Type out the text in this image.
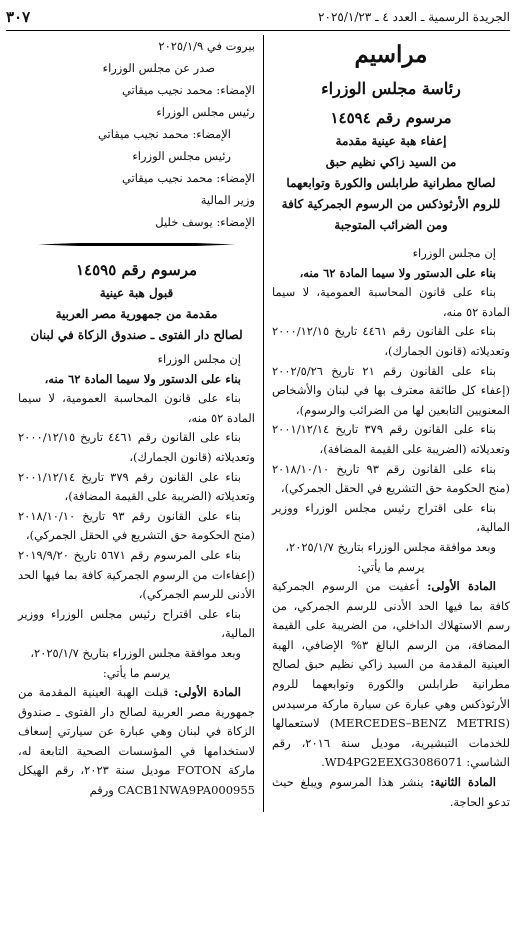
الجريدة الرسمية ـ العدد ٤ ـ ٢٠٢٥/١/٢٣
٣٠٧

مراسيم

رئاسة مجلس الوزراء

مرسوم رقم ١٤٥٩٤

إعفاء هبة عينية مقدمة

من السيد زاكي نظيم حبق

لصالح مطرانية طرابلس والكورة وتوابعهما

للروم الأرثوذكس من الرسوم الجمركية كافة

ومن الضرائب المتوجبة

إن مجلس الوزراء

بناء على الدستور ولا سيما المادة ٦٢ منه،

بناء على قانون المحاسبة العمومية، لا سيما المادة ٥٢ منه،

بناء على القانون رقم ٤٤٦١ تاريخ ٢٠٠٠/١٢/١٥ وتعديلاته (قانون الجمارك)،

بناء على القانون رقم ٢١ تاريخ ٢٠٠٢/٥/٢٦ (إعفاء كل طائفة معترف بها في لبنان والأشخاص المعنويين التابعين لها من الضرائب والرسوم)،

بناء على القانون رقم ٣٧٩ تاريخ ٢٠٠١/١٢/١٤ وتعديلاته (الضريبة على القيمة المضافة)،

بناء على القانون رقم ٩٣ تاريخ ٢٠١٨/١٠/١٠ (منح الحكومة حق التشريع في الحقل الجمركي)،

بناء على اقتراح رئيس مجلس الوزراء ووزير المالية،

وبعد موافقة مجلس الوزراء بتاريخ ٢٠٢٥/١/٧،

يرسم ما يأتي:

المادة الأولى: أعفيت من الرسوم الجمركية كافة بما فيها الحد الأدنى للرسم الجمركي، من رسم الاستهلاك الداخلي، من الضريبة على القيمة المضافة، من الرسم البالغ ٣% الإضافي، الهبة العينية المقدمة من السيد زاكي نظيم حبق لصالح مطرانية طرابلس والكورة وتوابعهما للروم الأرثوذكس وهي عبارة عن سيارة ماركة مرسيدس (MERCEDES–BENZ METRIS) لاستعمالها للخدمات التبشيرية، موديل سنة ٢٠١٦، رقم الشاسي: WD4PG2EEXG3086071.

المادة الثانية: ينشر هذا المرسوم ويبلغ حيث تدعو الحاجة.

بيروت في ٢٠٢٥/١/٩

صدر عن مجلس الوزراء

الإمضاء: محمد نجيب ميقاتي

رئيس مجلس الوزراء

الإمضاء: محمد نجيب ميقاتي

رئيس مجلس الوزراء

الإمضاء: محمد نجيب ميقاتي

وزير المالية

الإمضاء: يوسف خليل

مرسوم رقم ١٤٥٩٥

قبول هبة عينية

مقدمة من جمهورية مصر العربية

لصالح دار الفتوى ـ صندوق الزكاة في لبنان

إن مجلس الوزراء

بناء على الدستور ولا سيما المادة ٦٢ منه،

بناء على قانون المحاسبة العمومية، لا سيما المادة ٥٢ منه،

بناء على القانون رقم ٤٤٦١ تاريخ ٢٠٠٠/١٢/١٥ وتعديلاته (قانون الجمارك)،

بناء على القانون رقم ٣٧٩ تاريخ ٢٠٠١/١٢/١٤ وتعديلاته (الضريبة على القيمة المضافة)،

بناء على القانون رقم ٩٣ تاريخ ٢٠١٨/١٠/١٠ (منح الحكومة حق التشريع في الحقل الجمركي)،

بناء على المرسوم رقم ٥٦٧١ تاريخ ٢٠١٩/٩/٢٠ (إعفاءات من الرسوم الجمركية كافة بما فيها الحد الأدنى للرسم الجمركي)،

بناء على اقتراح رئيس مجلس الوزراء ووزير المالية،

وبعد موافقة مجلس الوزراء بتاريخ ٢٠٢٥/١/٧،

يرسم ما يأتي:

المادة الأولى: قبلت الهبة العينية المقدمة من جمهورية مصر العربية لصالح دار الفتوى ـ صندوق الزكاة في لبنان وهي عبارة عن سيارتي إسعاف لاستخدامها في المؤسسات الصحية التابعة له، ماركة FOTON موديل سنة ٢٠٢٣، رقم الهيكل CACB1NWA9PA000955 ورقم
